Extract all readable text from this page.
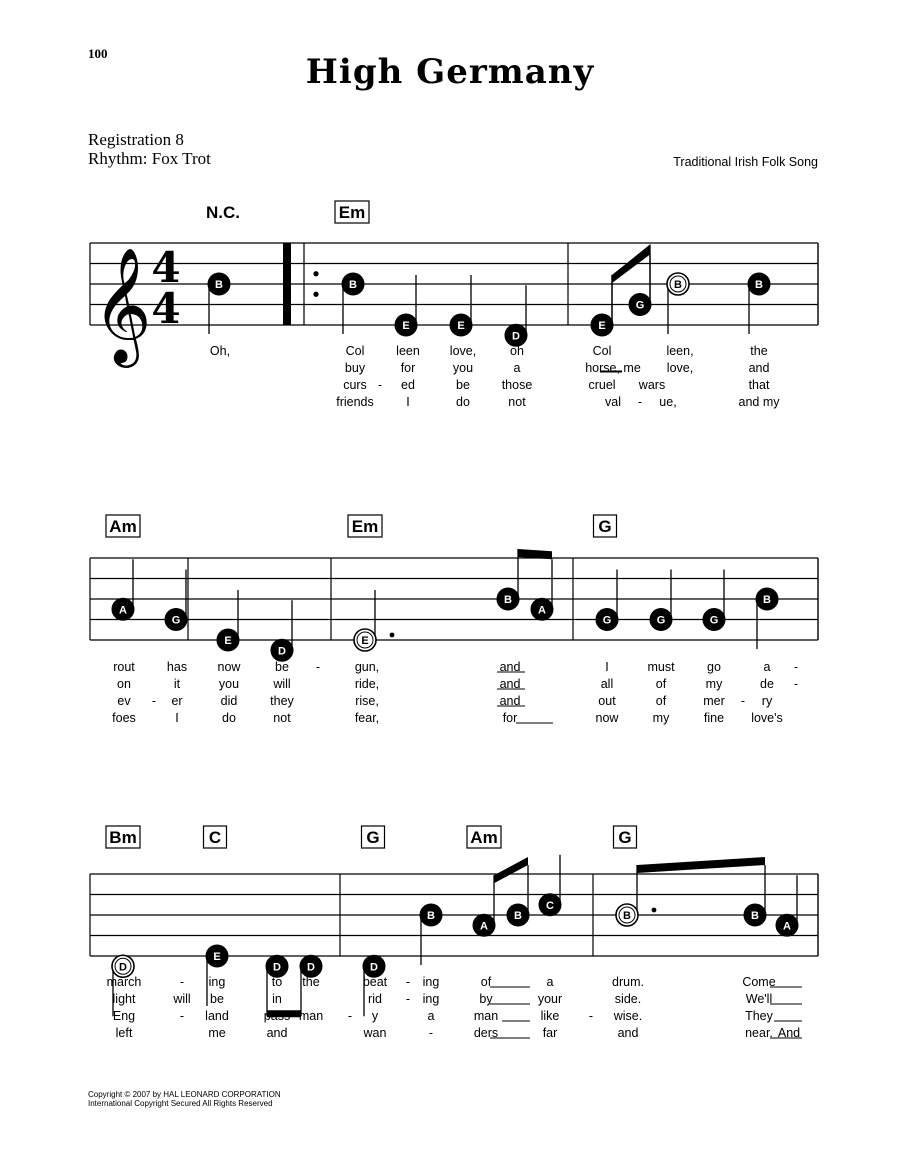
100	High Germany
Registration 8
Rhythm: Fox Trot	Traditional Irish Folk Song
Copyright © 2007 by HAL LEONARD CORPORATION
International Copyright Secured All Rights Reserved
𝄞 4
4	B	B
E	E
D
E
G
B	B
A
G
E
D
E
B
A
G	G	G
B
D
E
D D	D
B
A
B
C
B	B
A
N.C.	Em
Am	Em	G
Bm	C	G	Am	G
Oh,	Col	leen love,	oh	Col	leen,	the
buy	for	you	a	horse, me love,	and
curs - ed	be	those	cruel wars	that
friends	I	do	not	val - ue,	and my
rout	has now	be -	gun,	and	I	must	go	a -
on	it	you	will	ride,	and	all	of	my	de -
ev - er	did	they	rise,	and	out	of	mer - ry
foes	I	do	not	fear,	for	now	my	fine love's
march	- ing	to the	beat - ing	of	a	drum.	Come
light	will be	in	rid - ing	by	your	side.	We'll
Eng	- land	pass man - y	a	man	like - wise.	They
left	me	and	wan	-	ders	far	and	near. And
